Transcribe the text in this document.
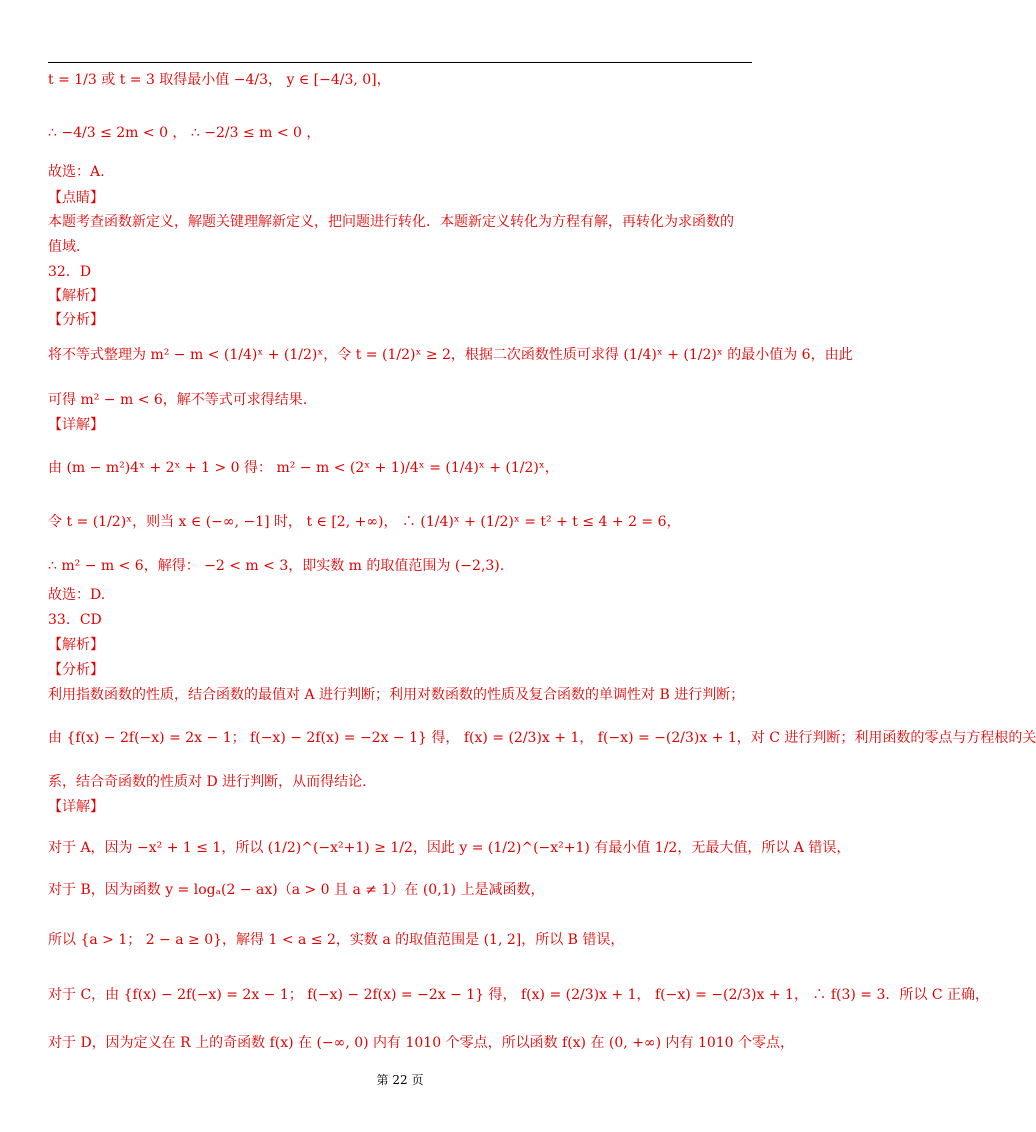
t = 1/3 或 t = 3 取得最小值 −4/3， y ∈ [−4/3, 0]，
∴ −4/3 ≤ 2m < 0 ， ∴ −2/3 ≤ m < 0 ，
故选：A.
【点睛】
本题考查函数新定义，解题关键理解新定义，把问题进行转化．本题新定义转化为方程有解，再转化为求函数的
值域.
32．D
【解析】
【分析】
将不等式整理为 m² − m < (1/4)ˣ + (1/2)ˣ，令 t = (1/2)ˣ ≥ 2，根据二次函数性质可求得 (1/4)ˣ + (1/2)ˣ 的最小值为 6，由此
可得 m² − m < 6，解不等式可求得结果.
【详解】
由 (m − m²)4ˣ + 2ˣ + 1 > 0 得： m² − m < (2ˣ + 1)/4ˣ = (1/4)ˣ + (1/2)ˣ，
令 t = (1/2)ˣ，则当 x ∈ (−∞, −1] 时， t ∈ [2, +∞)， ∴ (1/4)ˣ + (1/2)ˣ = t² + t ≤ 4 + 2 = 6，
∴ m² − m < 6，解得： −2 < m < 3，即实数 m 的取值范围为 (−2,3).
故选：D.
33．CD
【解析】
【分析】
利用指数函数的性质，结合函数的最值对 A 进行判断；利用对数函数的性质及复合函数的单调性对 B 进行判断；
由 {f(x) − 2f(−x) = 2x − 1； f(−x) − 2f(x) = −2x − 1} 得， f(x) = (2/3)x + 1， f(−x) = −(2/3)x + 1，对 C 进行判断；利用函数的零点与方程根的关
系，结合奇函数的性质对 D 进行判断，从而得结论.
【详解】
对于 A，因为 −x² + 1 ≤ 1，所以 (1/2)^(−x²+1) ≥ 1/2，因此 y = (1/2)^(−x²+1) 有最小值 1/2，无最大值，所以 A 错误，
对于 B，因为函数 y = logₐ(2 − ax)（a > 0 且 a ≠ 1）在 (0,1) 上是减函数，
所以 {a > 1； 2 − a ≥ 0}，解得 1 < a ≤ 2，实数 a 的取值范围是 (1, 2]，所以 B 错误，
对于 C，由 {f(x) − 2f(−x) = 2x − 1； f(−x) − 2f(x) = −2x − 1} 得， f(x) = (2/3)x + 1， f(−x) = −(2/3)x + 1， ∴ f(3) = 3．所以 C 正确，
对于 D，因为定义在 R 上的奇函数 f(x) 在 (−∞, 0) 内有 1010 个零点，所以函数 f(x) 在 (0, +∞) 内有 1010 个零点，
第 22 页
